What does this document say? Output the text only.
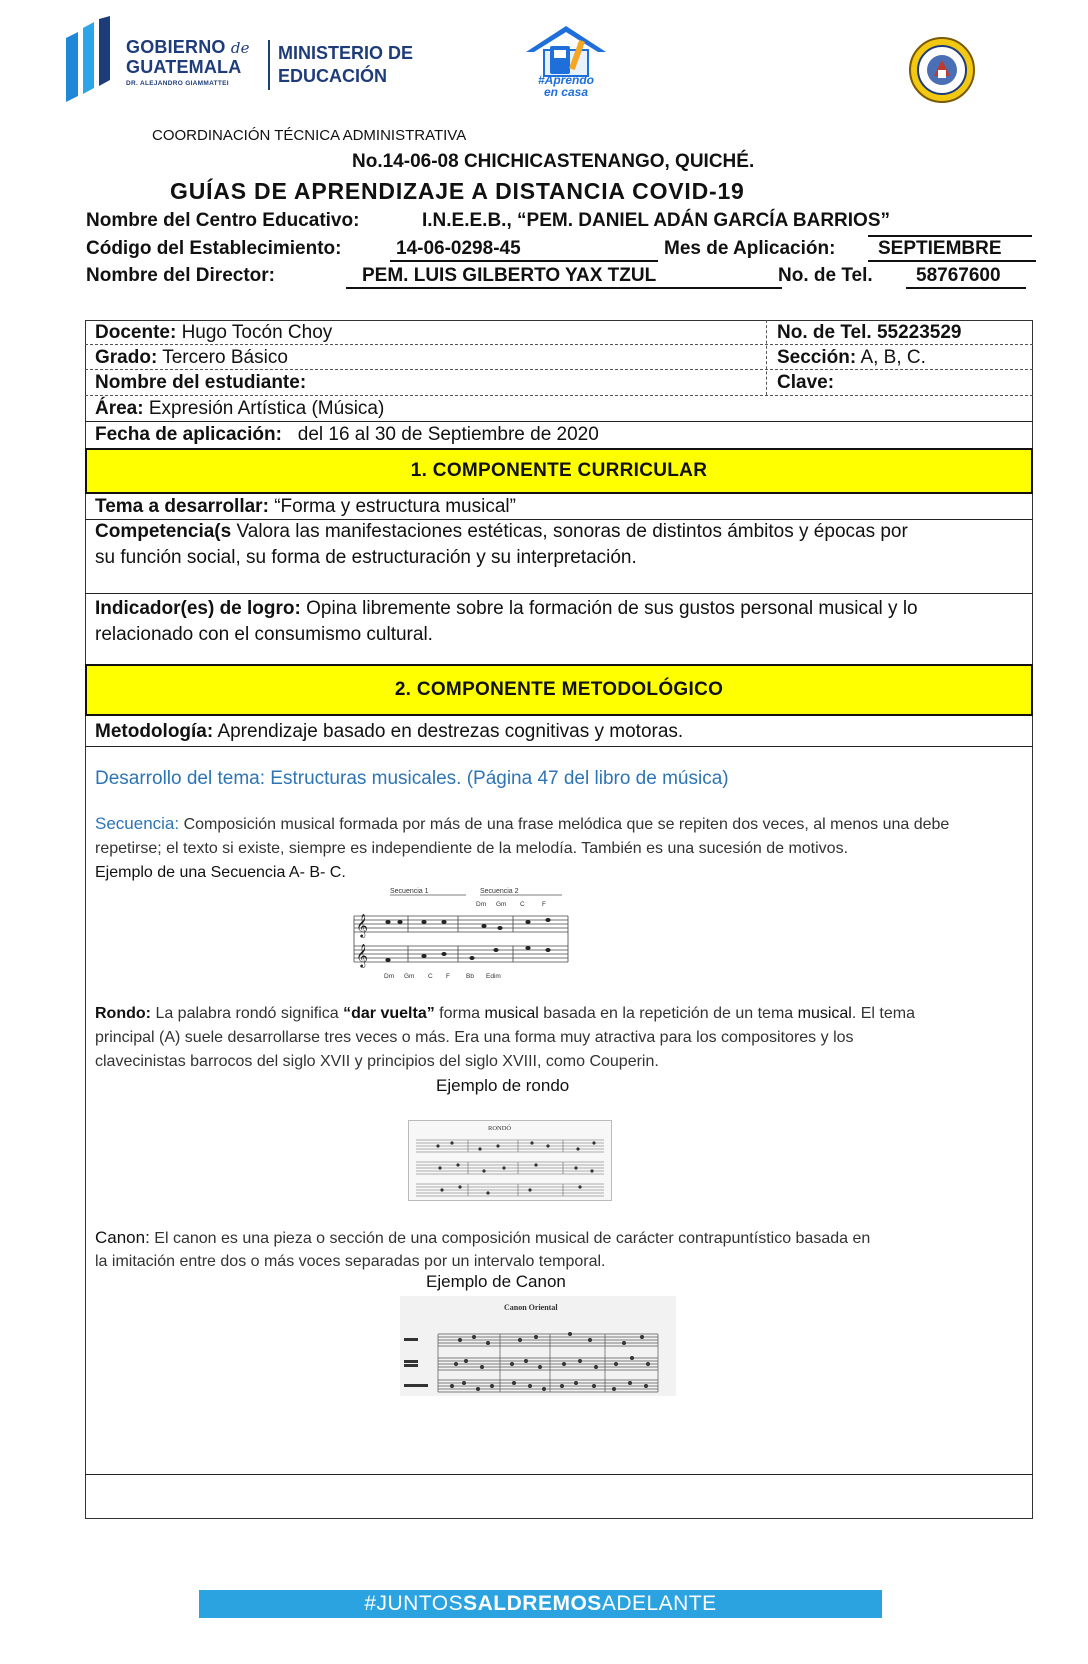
GOBIERNO de
GUATEMALA
DR. ALEJANDRO GIAMMATTEI
MINISTERIO DE
EDUCACIÓN	#Aprendo
en casa
COORDINACIÓN TÉCNICA ADMINISTRATIVA
No.14-06-08 CHICHICASTENANGO, QUICHÉ.
GUÍAS DE APRENDIZAJE A DISTANCIA COVID-19
Nombre del Centro Educativo:	I.N.E.E.B., “PEM. DANIEL ADÁN GARCÍA BARRIOS”
Código del Establecimiento:	14-06-0298-45	Mes de Aplicación:	SEPTIEMBRE
Nombre del Director:	PEM. LUIS GILBERTO YAX TZUL	No. de Tel.	58767600
Docente: Hugo Tocón Choy	No. de Tel. 55223529
Grado: Tercero Básico	Sección: A, B, C.
Nombre del estudiante:	Clave:
Área: Expresión Artística (Música)
Fecha de aplicación: del 16 al 30 de Septiembre de 2020
1. COMPONENTE CURRICULAR
Tema a desarrollar: “Forma y estructura musical”
Competencia(s Valora las manifestaciones estéticas, sonoras de distintos ámbitos y épocas por
su función social, su forma de estructuración y su interpretación.
Indicador(es) de logro: Opina libremente sobre la formación de sus gustos personal musical y lo
relacionado con el consumismo cultural.
2. COMPONENTE METODOLÓGICO
Metodología: Aprendizaje basado en destrezas cognitivas y motoras.
Desarrollo del tema: Estructuras musicales. (Página 47 del libro de música)
Secuencia: Composición musical formada por más de una frase melódica que se repiten dos veces, al menos una debe
repetirse; el texto si existe, siempre es independiente de la melodía. También es una sucesión de motivos.
Ejemplo de una Secuencia A- B- C.
Secuencia 1	Secuencia 2
𝄞
𝄞
Dm Gm C	F
Dm Gm C F Bb Edim
Rondo: La palabra rondó significa “dar vuelta” forma musical basada en la repetición de un tema musical. El tema
principal (A) suele desarrollarse tres veces o más. Era una forma muy atractiva para los compositores y los
clavecinistas barrocos del siglo XVII y principios del siglo XVIII, como Couperin.
Ejemplo de rondo
RONDÓ
Canon: El canon es una pieza o sección de una composición musical de carácter contrapuntístico basada en
la imitación entre dos o más voces separadas por un intervalo temporal.
Ejemplo de Canon
Canon Oriental
#JUNTOSSALDREMOSADELANTE
